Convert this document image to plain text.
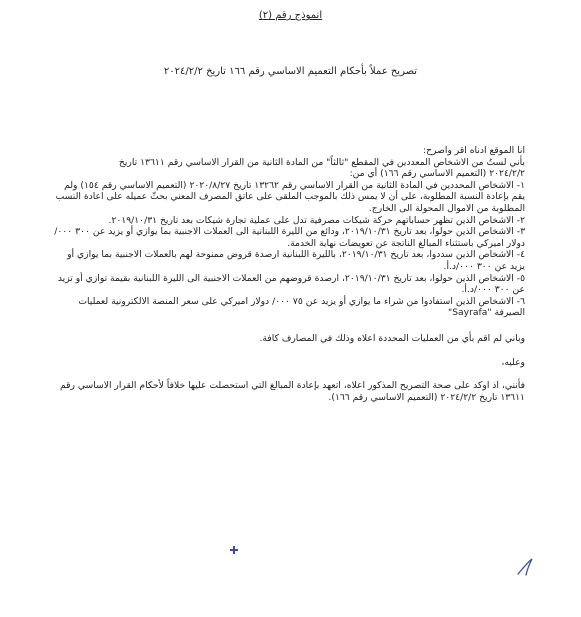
انموذج رقم (٢)
تصريح عملاً بأحكام التعميم الاساسي رقم ١٦٦ تاريخ ٢٠٢٤/٢/٢

انا الموقع ادناه اقر واصرح:

بأني لستُ من الاشخاص المعددين في المقطع "ثالثاً" من المادة الثانية من القرار الاساسي رقم ١٣٦١١ تاريخ

٢٠٢٤/٢/٢ (التعميم الاساسي رقم ١٦٦) أي من:

١- الاشخاص المحددين في المادة الثانية من القرار الاساسي رقم ١٣٢٦٢ تاريخ ٢٠٢٠/٨/٢٧ (التعميم الاساسي رقم ١٥٤) ولم يقم بإعادة النسبة المطلوبة، على أن لا يمس ذلك بالموجب الملقى على عاتق المصرف المعني بحثّ عميله على اعادة النسب المطلوبة من الاموال المحولة الى الخارج.
٢- الاشخاص الذين تظهر حساباتهم حركة شيكات مصرفية تدل على عملية تجارة شيكات بعد تاريخ ٢٠١٩/١٠/٣١.
٣- الاشخاص الذين حولوا، بعد تاريخ ٢٠١٩/١٠/٣١، ودائع من الليرة اللبنانية الى العملات الاجنبية بما يوازي أو يزيد عن ٣٠٠ ٠٠٠/ دولار اميركي باستثناء المبالغ الناتجة عن تعويضات نهاية الخدمة.
٤- الاشخاص الذين سددوا، بعد تاريخ ٢٠١٩/١٠/٣١، بالليرة اللبنانية ارصدة قروض ممنوحة لهم بالعملات الاجنبية بما يوازي أو يزيد عن ٣٠٠ ٠٠٠/د.أ.
٥- الاشخاص الذين حولوا، بعد تاريخ ٢٠١٩/١٠/٣١، ارصدة قروضهم من العملات الاجنبية الى الليرة اللبنانية بقيمة توازي أو تزيد عن ٣٠٠ ٠٠٠/د.أ.
٦- الاشخاص الذين استفادوا من شراء ما يوازي أو يزيد عن ٧٥ ٠٠٠/ دولار اميركي على سعر المنصة الالكترونية لعمليات الصيرفة "Sayrafa"

وباني لم اقم بأي من العمليات المحددة اعلاه وذلك في المصارف كافة.

وعليه،

فأنني، اذ اوكد على صحة التصريح المذكور اعلاه، اتعهد بإعادة المبالغ التي استحصلت عليها خلافاً لأحكام القرار الاساسي رقم ١٣٦١١ تاريخ ٢٠٢٤/٢/٢ (التعميم الاساسي رقم ١٦٦).
